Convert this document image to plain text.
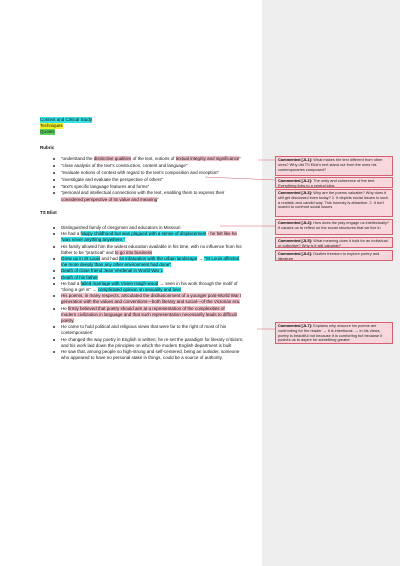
Context and Critical Study
Techniques
Quotes
Rubric
“understand the distinctive qualities of the text, notions of textual integrity and significance”
“close analysis of the text's construction, content and language”
“evaluate notions of context with regard to the text's composition and reception”
“investigate and evaluate the perspective of others”
“text's specific language features and forms”
“personal and intellectual connections with the text, enabling them to express their
considered perspective of its value and meaning”
TS Eliot
Distinguished family of clergymen and educators in Missouri
He had a happy childhood but was plagued with a sense of displacement - he felt like he
“was never anything anywhere.”
His family allowed him the widest education available in his time, with no influence from his
father to be “practical” and to go into business
Grew up in St Louis and had an infatuation with the urban landscape → “St Louis affected
me more deeply than any other environment had done”
Death of close friend Jean Verdenal in World War 1
Death of his father
He had a failed marriage with Vivien Haigh-wood → seen in his work through the motif of
“doing a girl in” → complicated opinion on sexuality and love
His poems, in many respects, articulated the disillusionment of a younger post-World War I
generation with the values and conventions—both literary and social—of the Victorian era.
He firmly believed that poetry should aim at a representation of the complexities of
modern civilization in language and that such representation necessarily leads to difficult
poetry.
He came to hold political and religious views that were far to the right of most of his
contemporaries'
He changed the way poetry in English is written; he re-set the paradigm for literary criticism;
and his work laid down the principles on which the modern English department is built
He saw that, among people so high-strung and self-centered, being an outsider, someone
who appeared to have no personal stake in things, could be a source of authority.
Commented [JL1]: What makes the text different from other ones? Why did TS Eliot's text stand out from the ones his contemporaries composed?
Commented [JL2]: The unity and coherence of the text. Everything links to a central idea.
Commented [JL3]: Why are the poems valuable? Why does it still get discussed even today? 1. It depicts social issues in such a realistic and candid way. This honesty is attractive. 2. It isn't scared to confront social issues
Commented [JL4]: How does the play engage us intellectually? It causes us to reflect on the social structures that we live in
Commented [JL5]: What meaning does it hold for an individual or collective? Why is it still valuable?
Commented [JL6]: Dostles freedom to explore poetry and literature
Commented [JL7]: Explains why obscure his poems are confronting for the reader → it is intentional. → in his views, poetry is beautiful not because it is comforting but because it pushes us to aspire for something greater
